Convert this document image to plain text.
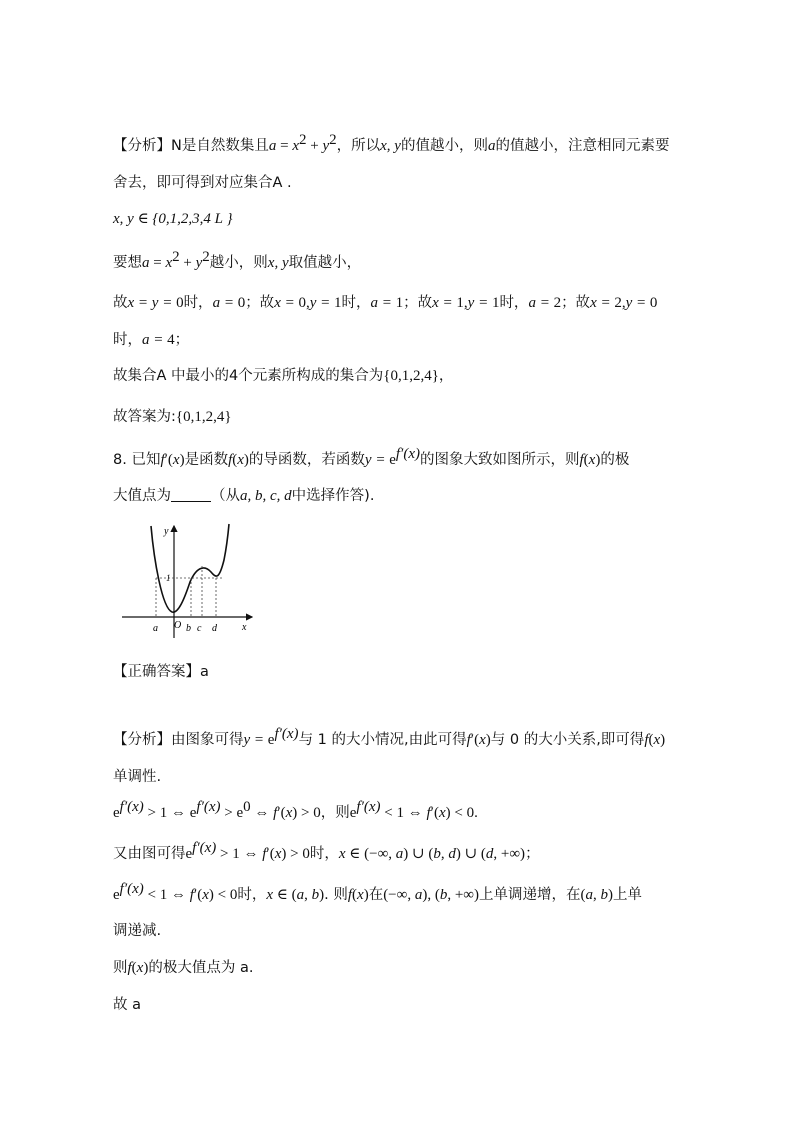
【分析】N是自然数集且$a = x^2 + y^2$，所以x, y的值越小，则a的值越小，注意相同元素要
舍去，即可得到对应集合A .
x, y ∈ {0,1,2,3,4 L }
要想$a = x^2 + y^2$越小，则x, y取值越小，
故x = y = 0时，a = 0；故x = 0,y = 1时，a = 1；故x = 1,y = 1时，a = 2；故x = 2,y = 0
时，a = 4；
故集合A 中最小的4个元素所构成的集合为{0,1,2,4}，
故答案为:{0,1,2,4}
8. 已知f′(x)是函数f(x)的导函数，若函数$y = e^{f'(x)}$的图象大致如图所示，则f(x)的极
大值点为	（从a, b, c, d中选择作答).
y
x
1
O
a	b c d
【正确答案】a
【分析】由图象可得$y = e^{f'(x)}$与 1 的大小情况,由此可得f′(x)与 0 的大小关系,即可得f(x)
单调性.
$e^{f'(x)} > 1$ ⇔ $e^{f'(x)} > e^0$ ⇔ f′(x) > 0，则$e^{f'(x)} < 1$ ⇔ f′(x) < 0.
又由图可得$e^{f'(x)} > 1$ ⇔ f′(x) > 0时，x ∈ (−∞, a) ∪ (b, d) ∪ (d, +∞)；
$e^{f'(x)} < 1$ ⇔ f′(x) < 0时，x ∈ (a, b). 则f(x)在(−∞, a), (b, +∞)上单调递增，在(a, b)上单
调递减.
则f(x)的极大值点为 a.
故 a
